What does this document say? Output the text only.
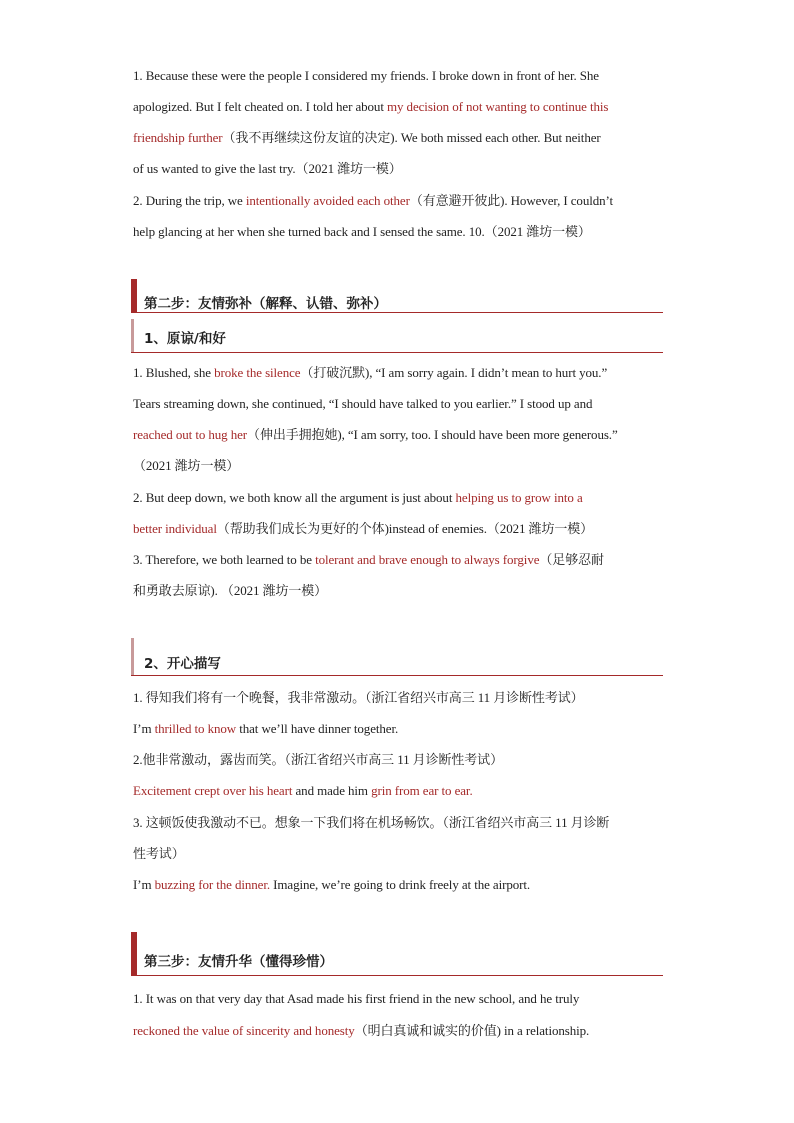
1. Because these were the people I considered my friends. I broke down in front of her. She
apologized. But I felt cheated on. I told her about my decision of not wanting to continue this
friendship further（我不再继续这份友谊的决定). We both missed each other. But neither
of us wanted to give the last try.（2021 潍坊一模）
2. During the trip, we intentionally avoided each other（有意避开彼此). However, I couldn’t
help glancing at her when she turned back and I sensed the same. 10.（2021 潍坊一模）
第二步：友情弥补（解释、认错、弥补）
1、原谅/和好
1. Blushed, she broke the silence（打破沉默), “I am sorry again. I didn’t mean to hurt you.”
Tears streaming down, she continued, “I should have talked to you earlier.” I stood up and
reached out to hug her（伸出手拥抱她), “I am sorry, too. I should have been more generous.”
（2021 潍坊一模）
2. But deep down, we both know all the argument is just about helping us to grow into a
better individual（帮助我们成长为更好的个体)instead of enemies.（2021 潍坊一模）
3. Therefore, we both learned to be tolerant and brave enough to always forgive（足够忍耐
和勇敢去原谅). （2021 潍坊一模）
2、开心描写
1. 得知我们将有一个晚餐，我非常激动。（浙江省绍兴市高三 11 月诊断性考试）
I’m thrilled to know that we’ll have dinner together.
2.他非常激动，露齿而笑。（浙江省绍兴市高三 11 月诊断性考试）
Excitement crept over his heart and made him grin from ear to ear.
3. 这顿饭使我激动不已。想象一下我们将在机场畅饮。（浙江省绍兴市高三 11 月诊断
性考试）
I’m buzzing for the dinner. Imagine, we’re going to drink freely at the airport.
第三步：友情升华（懂得珍惜）
1. It was on that very day that Asad made his first friend in the new school, and he truly
reckoned the value of sincerity and honesty（明白真诚和诚实的价值) in a relationship.
